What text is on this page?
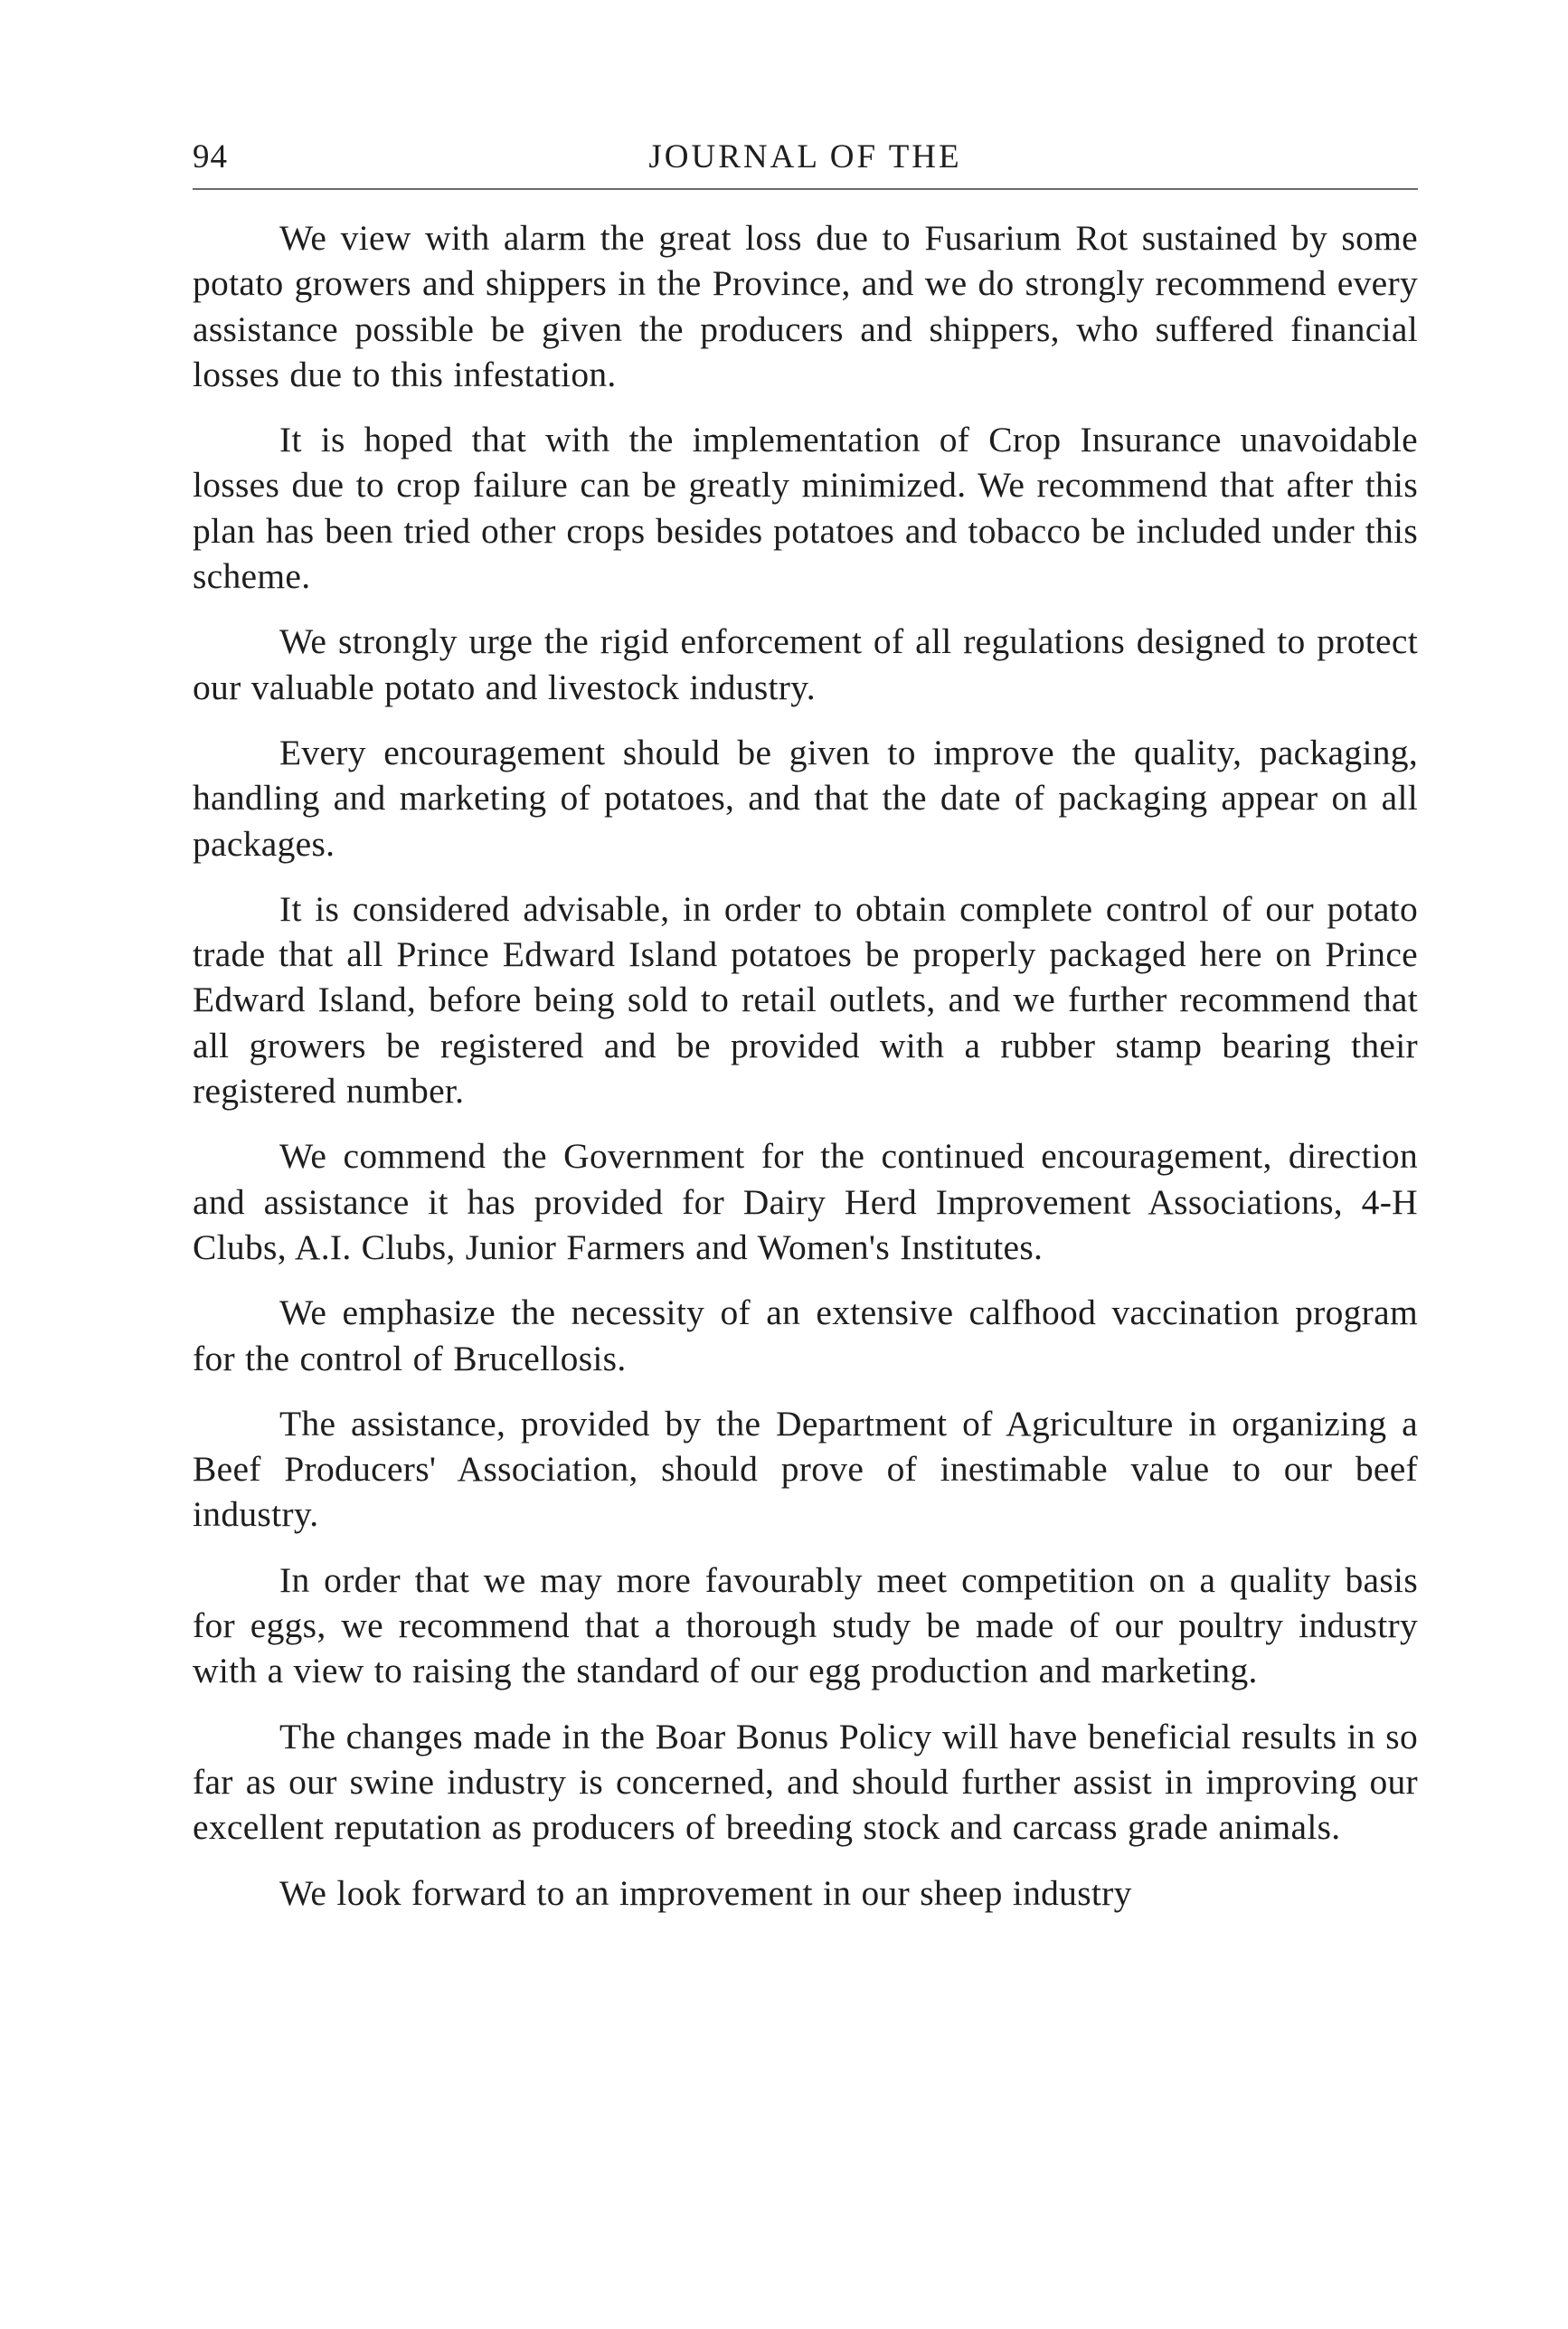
94	JOURNAL OF THE

We view with alarm the great loss due to Fusarium Rot sustained by some potato growers and shippers in the Province, and we do strongly recommend every assistance possible be given the producers and shippers, who suffered financial losses due to this infestation.

It is hoped that with the implementation of Crop Insurance unavoidable losses due to crop failure can be greatly minimized. We recommend that after this plan has been tried other crops besides potatoes and tobacco be included under this scheme.

We strongly urge the rigid enforcement of all regulations designed to protect our valuable potato and livestock industry.

Every encouragement should be given to improve the quality, packaging, handling and marketing of potatoes, and that the date of packaging appear on all packages.

It is considered advisable, in order to obtain complete control of our potato trade that all Prince Edward Island potatoes be properly packaged here on Prince Edward Island, before being sold to retail outlets, and we further recommend that all growers be registered and be provided with a rubber stamp bearing their registered number.

We commend the Government for the continued encouragement, direction and assistance it has provided for Dairy Herd Improvement Associations, 4-H Clubs, A.I. Clubs, Junior Farmers and Women's Institutes.

We emphasize the necessity of an extensive calfhood vaccination program for the control of Brucellosis.

The assistance, provided by the Department of Agriculture in organizing a Beef Producers' Association, should prove of inestimable value to our beef industry.

In order that we may more favourably meet competition on a quality basis for eggs, we recommend that a thorough study be made of our poultry industry with a view to raising the standard of our egg production and marketing.

The changes made in the Boar Bonus Policy will have beneficial results in so far as our swine industry is concerned, and should further assist in improving our excellent reputation as producers of breeding stock and carcass grade animals.

We look forward to an improvement in our sheep industry
